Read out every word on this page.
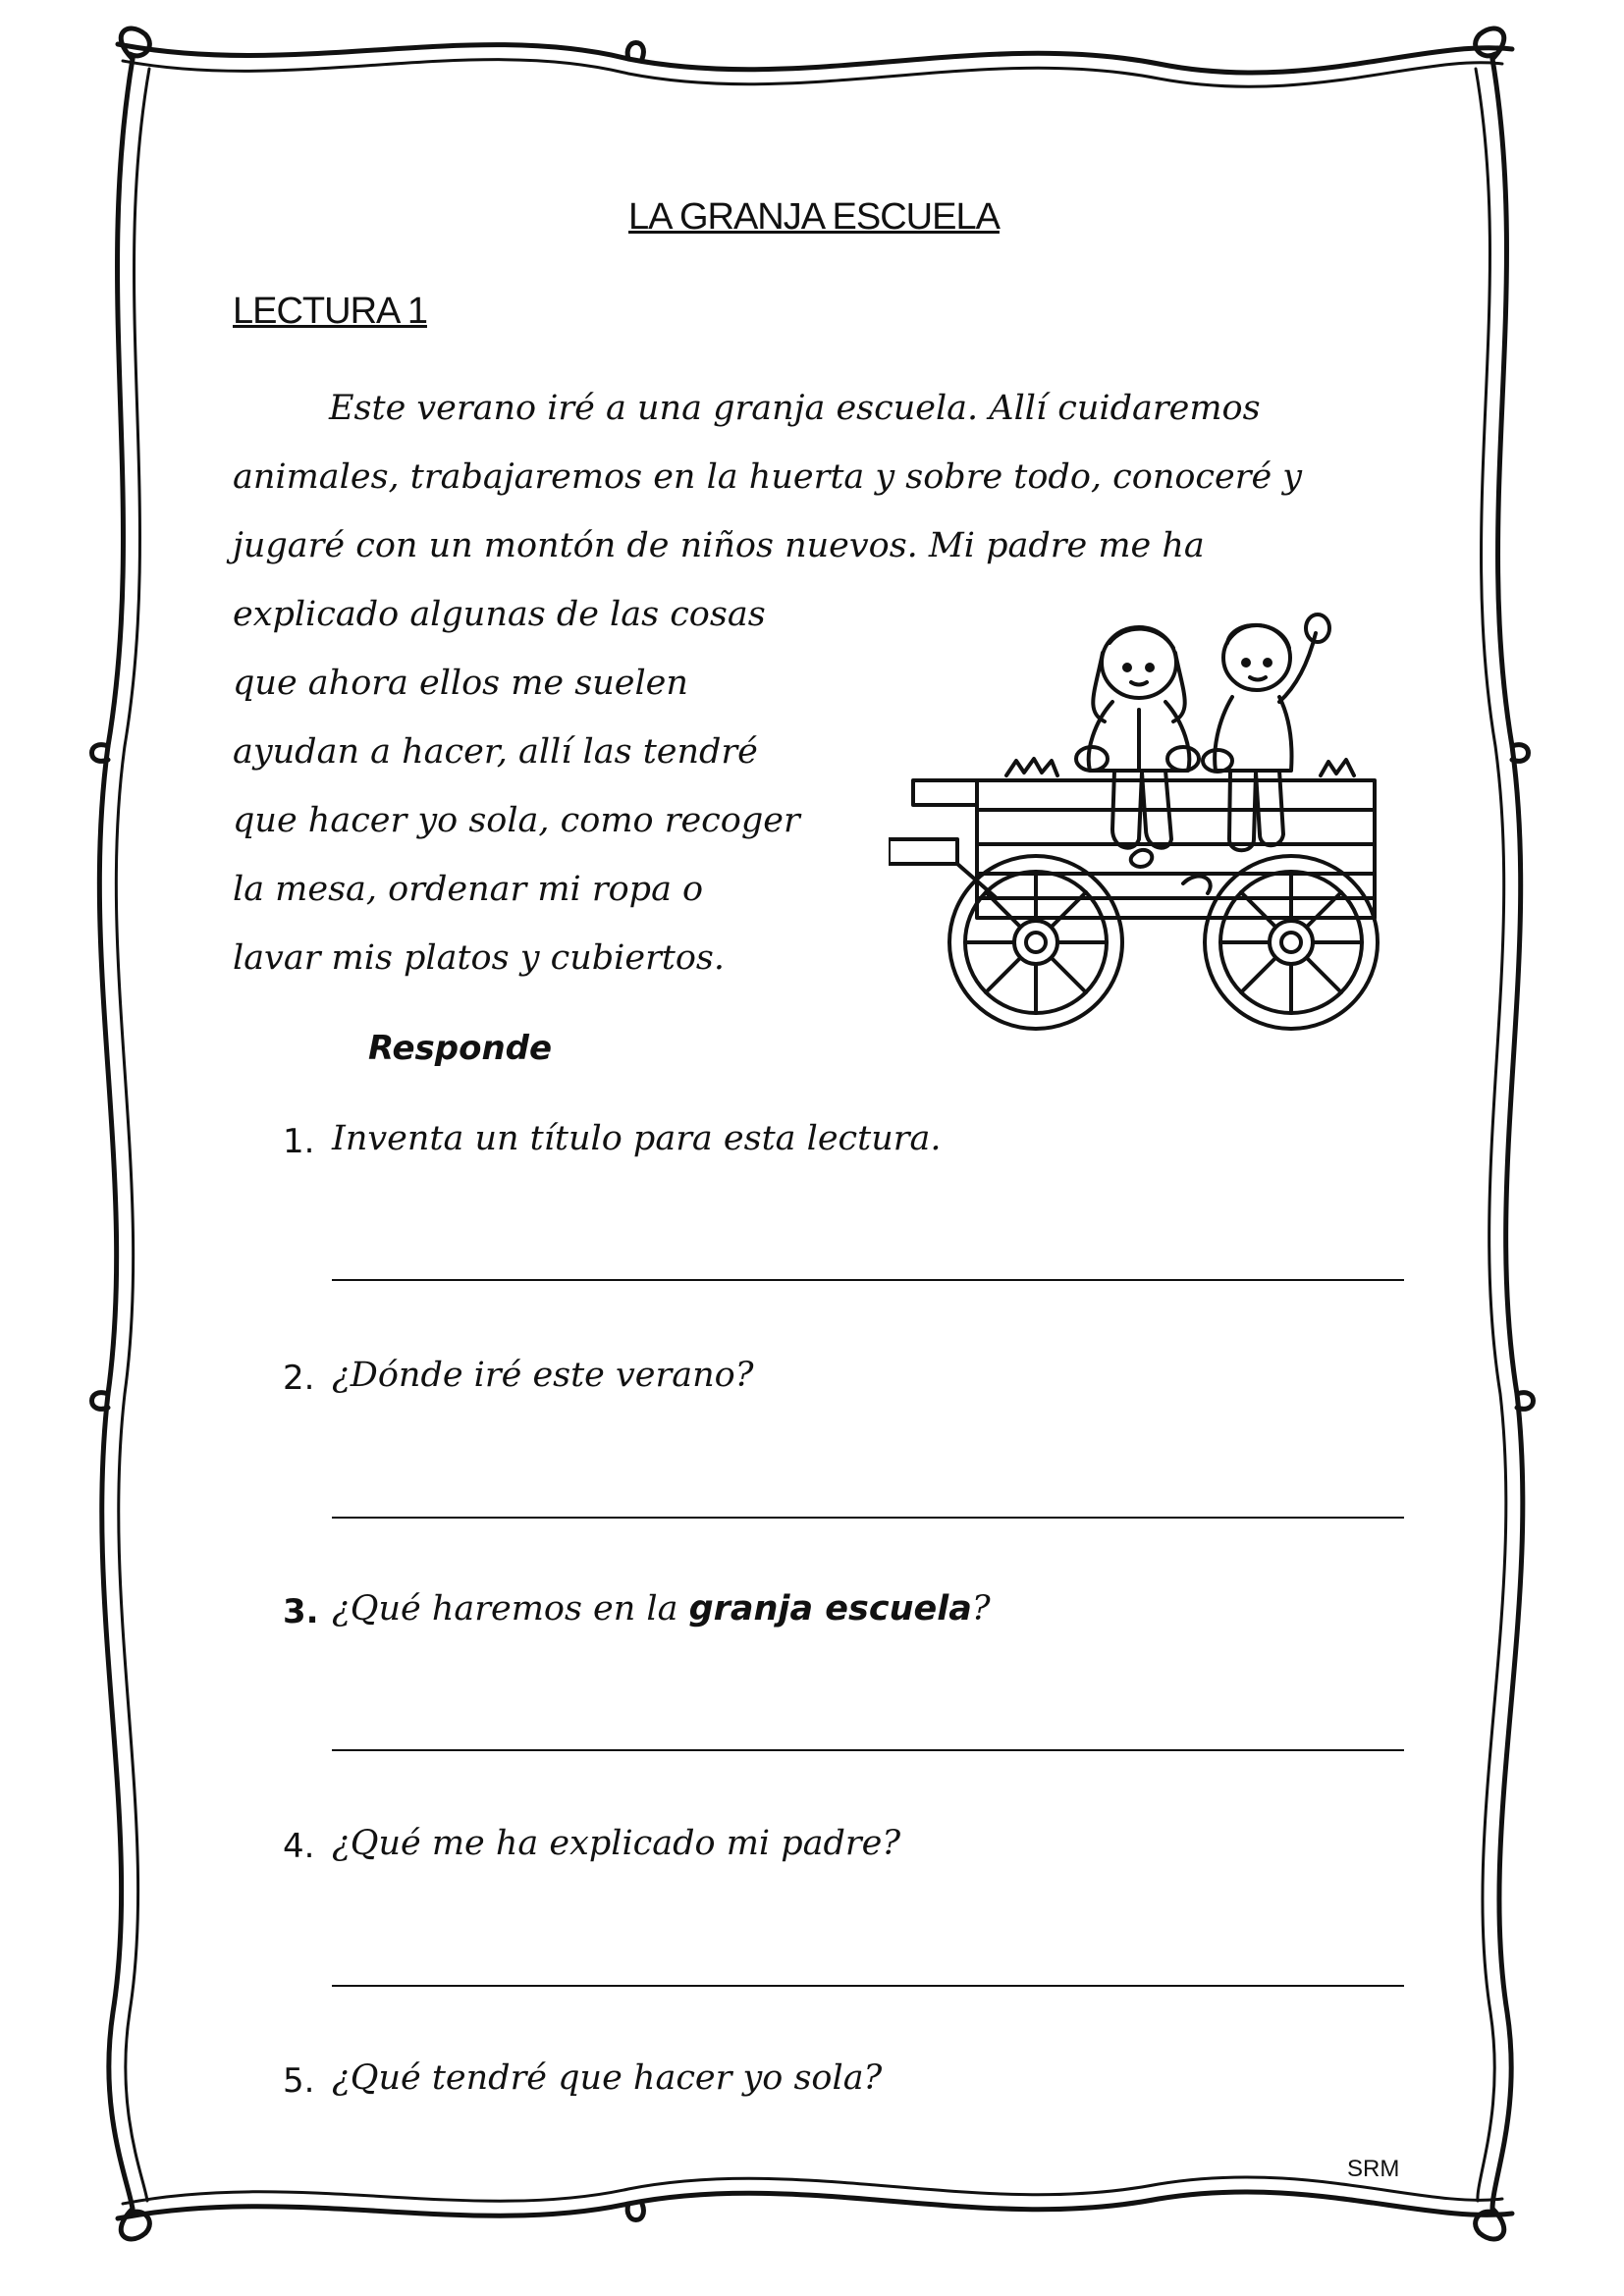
LA GRANJA ESCUELA
LECTURA 1
Este verano iré a una granja escuela. Allí cuidaremos
animales, trabajaremos en la huerta y sobre todo, conoceré y
jugaré con un montón de niños nuevos. Mi padre me ha
explicado algunas de las cosas
que ahora ellos me suelen
ayudan a hacer, allí las tendré
que hacer yo sola, como recoger
la mesa, ordenar mi ropa o
lavar mis platos y cubiertos.
Responde
1. Inventa un título para esta lectura.
2. ¿Dónde iré este verano?
3. ¿Qué haremos en la granja escuela?
4. ¿Qué me ha explicado mi padre?
5. ¿Qué tendré que hacer yo sola?
SRM
